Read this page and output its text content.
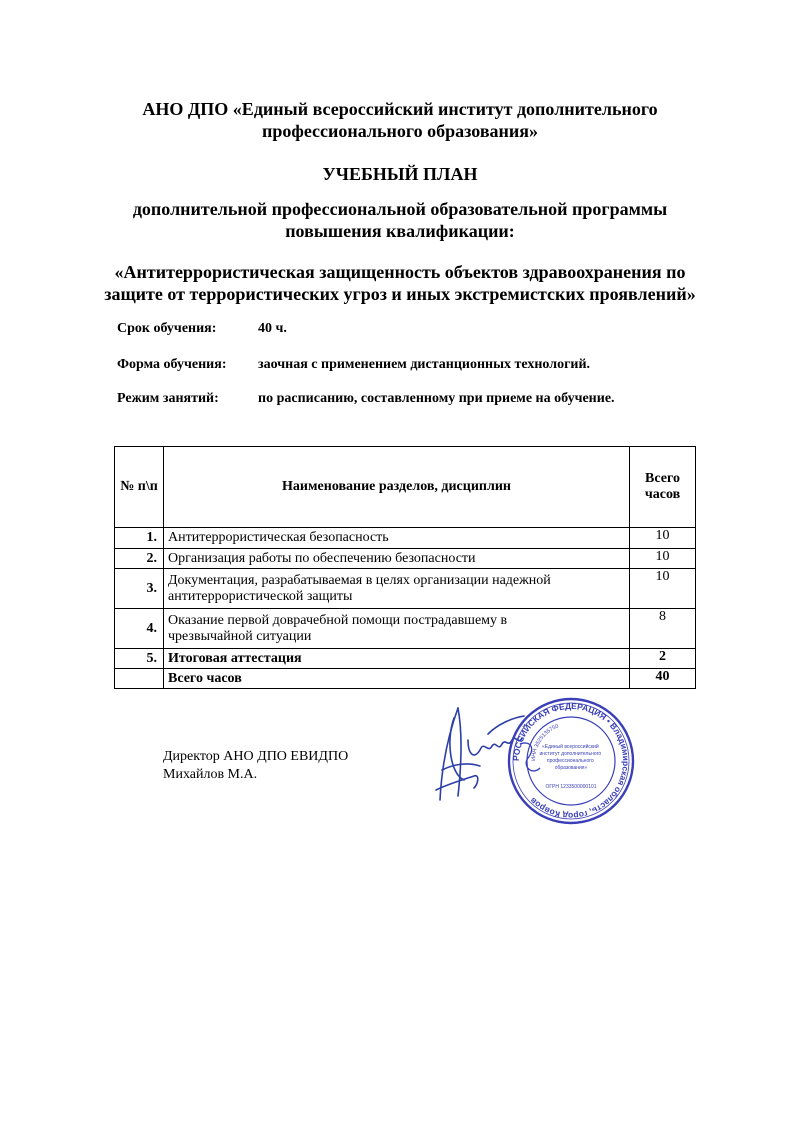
АНО ДПО «Единый всероссийский институт дополнительного
профессионального образования»
УЧЕБНЫЙ ПЛАН
дополнительной профессиональной образовательной программы
повышения квалификации:
«Антитеррористическая защищенность объектов здравоохранения по
защите от террористических угроз и иных экстремистских проявлений»
Срок обучения:	40 ч.
Форма обучения: заочная с применением дистанционных технологий.
Режим занятий:	по расписанию, составленному при приеме на обучение.
№ п\п	Наименование разделов, дисциплин	Всего
часов

1.	Антитеррористическая безопасность	10
2.	Организация работы по обеспечению безопасности	10
3.	Документация, разрабатываемая в целях организации надежной
антитеррористической защиты	10
4.	Оказание первой доврачебной помощи пострадавшему в
чрезвычайной ситуации	8
5.	Итоговая аттестация	2
	Всего часов	40
Директор АНО ДПО ЕВИДПО
Михайлов М.А.
РОССИЙСКАЯ ФЕДЕРАЦИЯ • Владимирская область, город Ковров
ИНН 3525135750
«Единый всероссийский институт дополнительного профессионального образования»
ОГРН 1233500000101
